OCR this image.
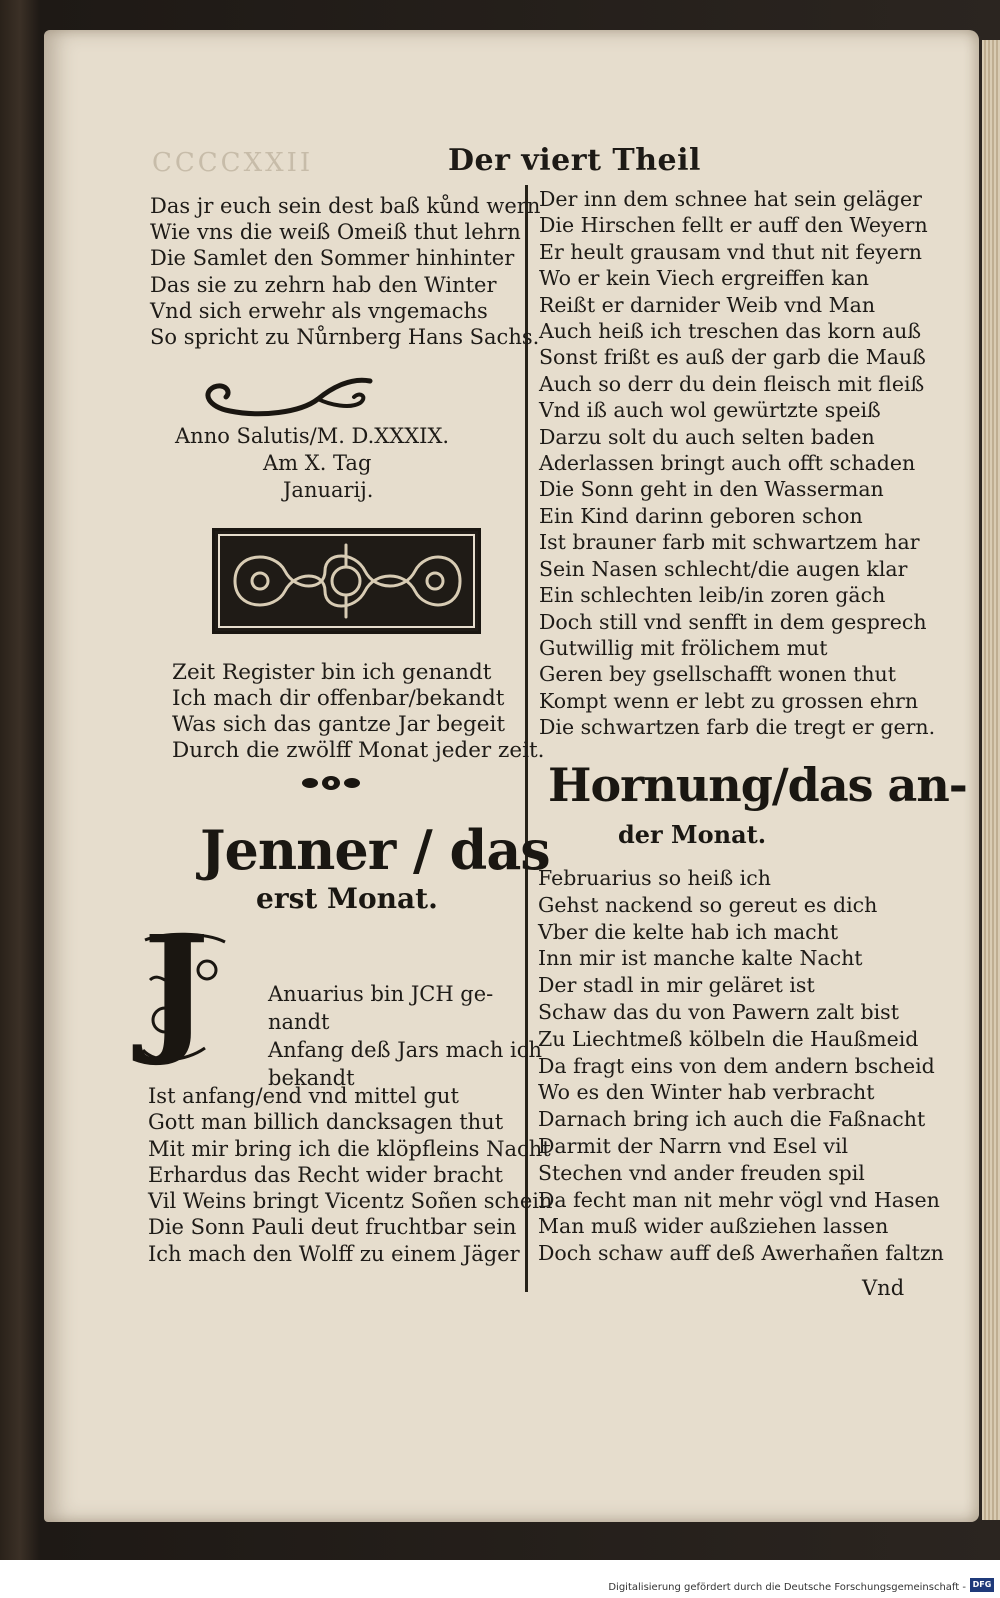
CCCCXXII	Der viert Theil
Das jr euch sein dest baß kůnd wern
Wie vns die weiß Omeiß thut lehrn
Die Samlet den Sommer hinhinter
Das sie zu zehrn hab den Winter
Vnd sich erwehr als vngemachs
So spricht zu Nůrnberg Hans Sachs.
Anno Salutis/M. D.XXXIX.
Am X. Tag
Januarij.
Zeit Register bin ich genandt
Ich mach dir offenbar/bekandt
Was sich das gantze Jar begeit
Durch die zwölff Monat jeder zeit.
Jenner / das
erst Monat.
J	Anuarius bin JCH ge-
nandt
Anfang deß Jars mach ich
bekandt
Ist anfang/end vnd mittel gut
Gott man billich dancksagen thut
Mit mir bring ich die klöpfleins Nacht
Erhardus das Recht wider bracht
Vil Weins bringt Vicentz Soñen schein
Die Sonn Pauli deut fruchtbar sein
Ich mach den Wolff zu einem Jäger
Der inn dem schnee hat sein geläger
Die Hirschen fellt er auff den Weyern
Er heult grausam vnd thut nit feyern
Wo er kein Viech ergreiffen kan
Reißt er darnider Weib vnd Man
Auch heiß ich treschen das korn auß
Sonst frißt es auß der garb die Mauß
Auch so derr du dein fleisch mit fleiß
Vnd iß auch wol gewürtzte speiß
Darzu solt du auch selten baden
Aderlassen bringt auch offt schaden
Die Sonn geht in den Wasserman
Ein Kind darinn geboren schon
Ist brauner farb mit schwartzem har
Sein Nasen schlecht/die augen klar
Ein schlechten leib/in zoren gäch
Doch still vnd senfft in dem gesprech
Gutwillig mit frölichem mut
Geren bey gsellschafft wonen thut
Kompt wenn er lebt zu grossen ehrn
Die schwartzen farb die tregt er gern.
Hornung/das an-
der Monat.
Februarius so heiß ich
Gehst nackend so gereut es dich
Vber die kelte hab ich macht
Inn mir ist manche kalte Nacht
Der stadl in mir geläret ist
Schaw das du von Pawern zalt bist
Zu Liechtmeß kölbeln die Haußmeid
Da fragt eins von dem andern bscheid
Wo es den Winter hab verbracht
Darnach bring ich auch die Faßnacht
Darmit der Narrn vnd Esel vil
Stechen vnd ander freuden spil
Da fecht man nit mehr vögl vnd Hasen
Man muß wider außziehen lassen
Doch schaw auff deß Awerhañen faltzn
Vnd
Digitalisierung gefördert durch die Deutsche Forschungsgemeinschaft - DFG
